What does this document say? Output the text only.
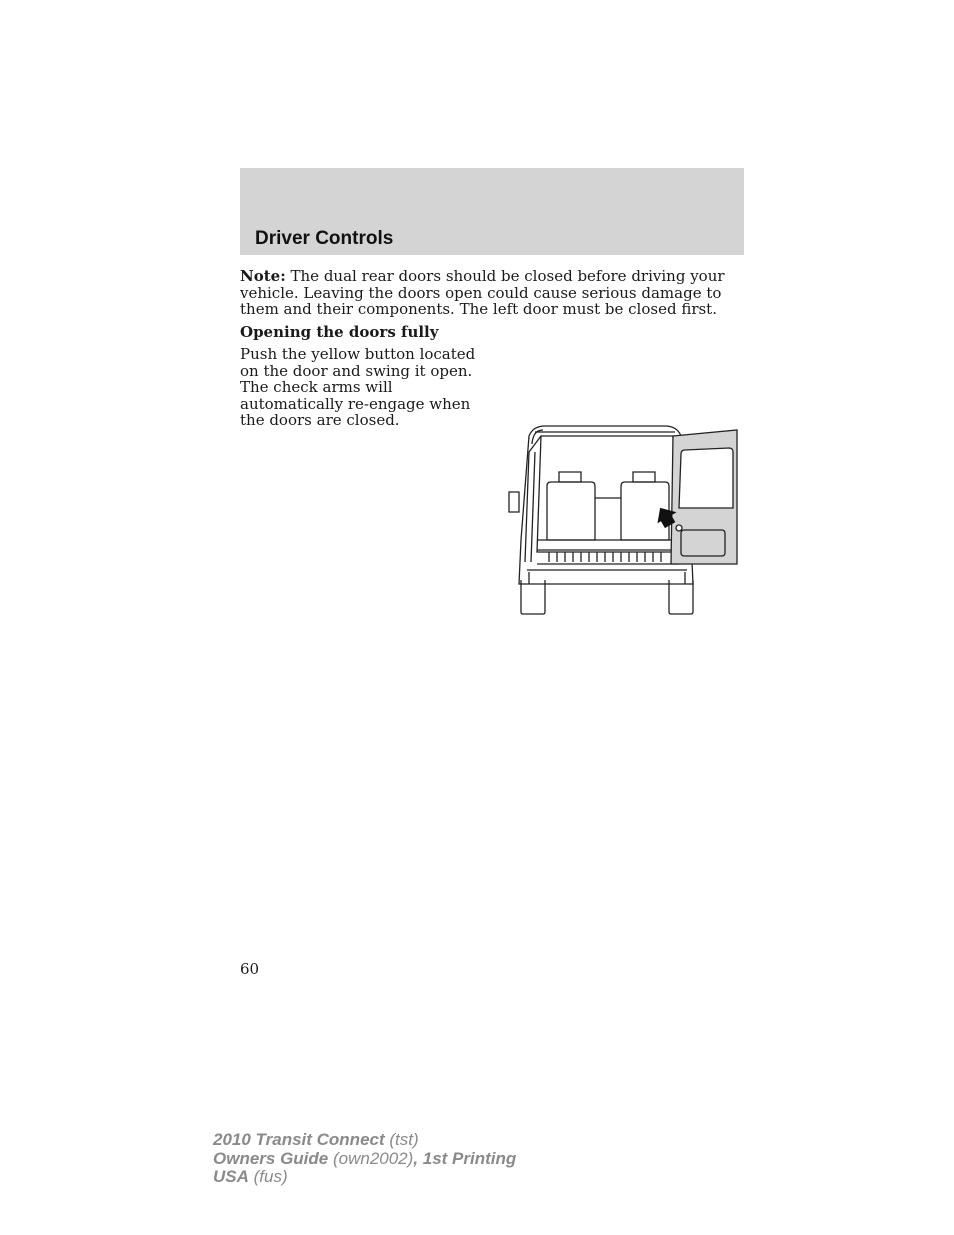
Driver Controls

Note: The dual rear doors should be closed before driving your vehicle. Leaving the doors open could cause serious damage to them and their components. The left door must be closed first.

Opening the doors fully

Push the yellow button located on the door and swing it open. The check arms will automatically re-engage when the doors are closed.

60

2010 Transit Connect (tst)
Owners Guide (own2002), 1st Printing
USA (fus)
